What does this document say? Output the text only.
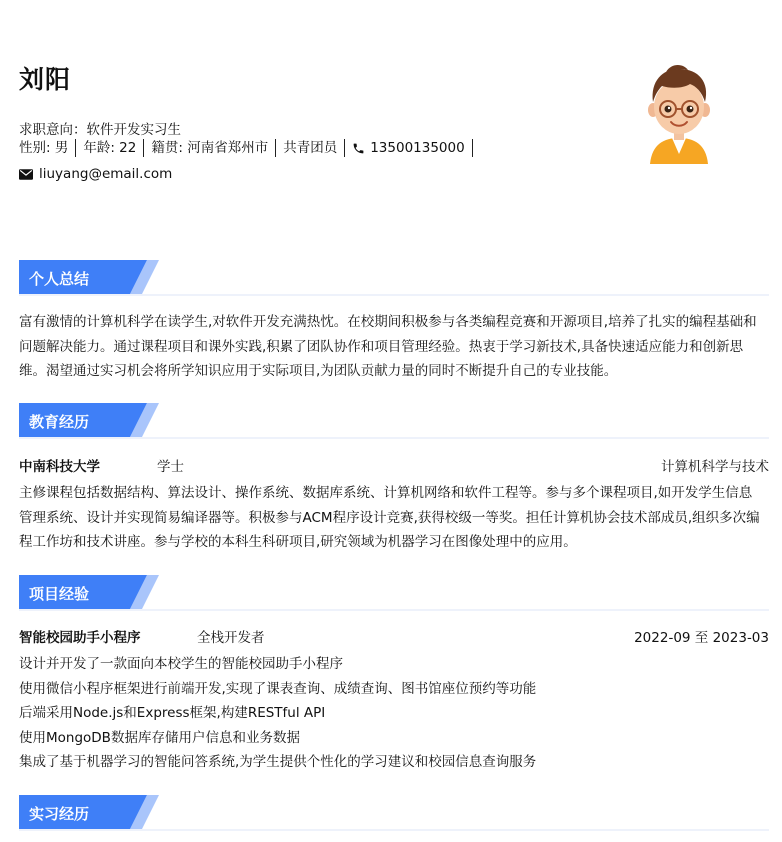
刘阳
求职意向：软件开发实习生
性别: 男	年龄: 22	籍贯: 河南省郑州市	共青团员	13500135000
liuyang@email.com
个人总结
富有激情的计算机科学在读学生,对软件开发充满热忱。在校期间积极参与各类编程竞赛和开源项目,培养了扎实的编程基础和
问题解决能力。通过课程项目和课外实践,积累了团队协作和项目管理经验。热衷于学习新技术,具备快速适应能力和创新思
维。渴望通过实习机会将所学知识应用于实际项目,为团队贡献力量的同时不断提升自己的专业技能。
教育经历
中南科技大学	学士	计算机科学与技术
主修课程包括数据结构、算法设计、操作系统、数据库系统、计算机网络和软件工程等。参与多个课程项目,如开发学生信息
管理系统、设计并实现简易编译器等。积极参与ACM程序设计竞赛,获得校级一等奖。担任计算机协会技术部成员,组织多次编
程工作坊和技术讲座。参与学校的本科生科研项目,研究领域为机器学习在图像处理中的应用。
项目经验
智能校园助手小程序	全栈开发者	2022-09 至 2023-03
设计并开发了一款面向本校学生的智能校园助手小程序
使用微信小程序框架进行前端开发,实现了课表查询、成绩查询、图书馆座位预约等功能
后端采用Node.js和Express框架,构建RESTful API
使用MongoDB数据库存储用户信息和业务数据
集成了基于机器学习的智能问答系统,为学生提供个性化的学习建议和校园信息查询服务
实习经历
